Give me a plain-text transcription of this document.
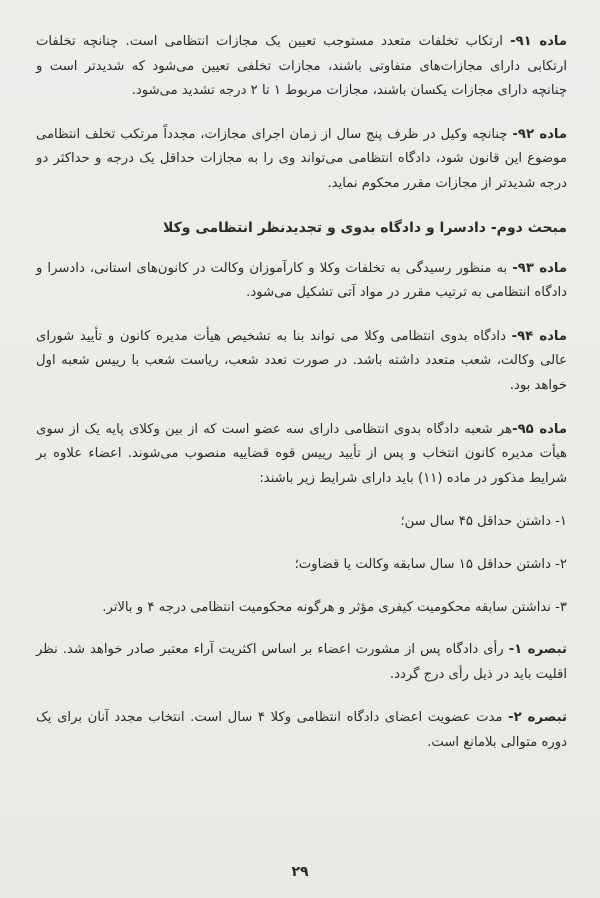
ماده ۹۱- ارتکاب تخلفات متعدد مستوجب تعیین یک مجازات انتظامی است. چنانچه تخلفات ارتکابی دارای مجازات‌های متفاوتی باشند، مجازات تخلفی تعیین می‌شود که شدیدتر است و چنانچه دارای مجازات یکسان باشند، مجازات مربوط ۱ تا ۲ درجه تشدید می‌شود.

ماده ۹۲- چنانچه وکیل در ظرف پنج سال از زمان اجرای مجازات، مجدداً مرتکب تخلف انتظامی موضوع این قانون شود، دادگاه انتظامی می‌تواند وی را به مجازات حداقل یک درجه و حداکثر دو درجه شدیدتر از مجازات مقرر محکوم نماید.

مبحث دوم- دادسرا و دادگاه بدوی و تجدیدنظر انتظامی وکلا

ماده ۹۳- به منظور رسیدگی به تخلفات وکلا و کارآموزان وکالت در کانون‌های استانی، دادسرا و دادگاه انتظامی به ترتیب مقرر در مواد آتی تشکیل می‌شود.

ماده ۹۴- دادگاه بدوی انتظامی وکلا می تواند بنا به تشخیص هیأت مدیره کانون و تأیید شورای عالی وکالت، شعب متعدد داشته باشد. در صورت تعدد شعب، ریاست شعب با رییس شعبه اول خواهد بود.

ماده ۹۵-هر شعبه دادگاه بدوی انتظامی دارای سه عضو است که از بین وکلای پایه یک از سوی هیأت مدیره کانون انتخاب و پس از تأیید رییس قوه قضاییه منصوب می‌شوند. اعضاء علاوه بر شرایط مذکور در ماده (۱۱) باید دارای شرایط زیر باشند:

۱- داشتن حداقل ۴۵ سال سن؛

۲- داشتن حداقل ۱۵ سال سابقه وکالت یا قضاوت؛

۳- نداشتن سابقه محکومیت کیفری مؤثر و هرگونه محکومیت انتظامی درجه ۴ و بالاتر.

تبصره ۱- رأی دادگاه پس از مشورت اعضاء بر اساس اکثریت آراء معتبر صادر خواهد شد. نظر اقلیت باید در ذیل رأی درج گردد.

تبصره ۲- مدت عضویت اعضای دادگاه انتظامی وکلا ۴ سال است. انتخاب مجدد آنان برای یک دوره متوالی بلامانع است.

۲۹
